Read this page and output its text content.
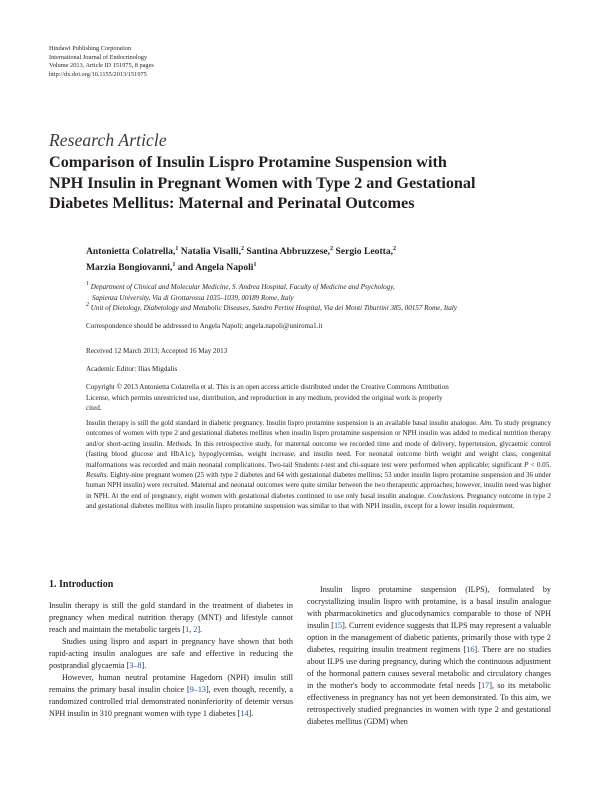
Hindawi Publishing Corporation
International Journal of Endocrinology
Volume 2013, Article ID 151975, 8 pages
http://dx.doi.org/10.1155/2013/151975
Research Article
Comparison of Insulin Lispro Protamine Suspension with
NPH Insulin in Pregnant Women with Type 2 and Gestational
Diabetes Mellitus: Maternal and Perinatal Outcomes
Antonietta Colatrella,$^1$ Natalia Visalli,$^2$ Santina Abbruzzese,$^2$ Sergio Leotta,$^2$
Marzia Bongiovanni,$^1$ and Angela Napoli$^1$
$^1$ Department of Clinical and Molecular Medicine, S. Andrea Hospital, Faculty of Medicine and Psychology,
Sapienza University, Via di Grottarossa 1035–1039, 00189 Rome, Italy
$^2$ Unit of Dietology, Diabetology and Metabolic Diseases, Sandro Pertini Hospital, Via dei Monti Tiburtini 385, 00157 Rome, Italy
Correspondence should be addressed to Angela Napoli; angela.napoli@uniroma1.it
Received 12 March 2013; Accepted 16 May 2013
Academic Editor: Ilias Migdalis
Copyright © 2013 Antonietta Colatrella et al. This is an open access article distributed under the Creative Commons Attribution
License, which permits unrestricted use, distribution, and reproduction in any medium, provided the original work is properly
cited.
Insulin therapy is still the gold standard in diabetic pregnancy. Insulin lispro protamine suspension is an available basal insulin analogue. Aim. To study pregnancy outcomes of women with type 2 and gestational diabetes mellitus when insulin lispro protamine suspension or NPH insulin was added to medical nutrition therapy and/or short-acting insulin. Methods. In this retrospective study, for maternal outcome we recorded time and mode of delivery, hypertension, glycaemic control (fasting blood glucose and HbA1c), hypoglycemias, weight increase, and insulin need. For neonatal outcome birth weight and weight class, congenital malformations was recorded and main neonatal complications. Two-tail Students t-test and chi-square test were performed when applicable; significant P < 0.05. Results. Eighty-nine pregnant women (25 with type 2 diabetes and 64 with gestational diabetes mellitus; 53 under insulin lispro protamine suspension and 36 under human NPH insulin) were recruited. Maternal and neonatal outcomes were quite similar between the two therapeutic approaches; however, insulin need was higher in NPH. At the end of pregnancy, eight women with gestational diabetes continued to use only basal insulin analogue. Conclusions. Pregnancy outcome in type 2 and gestational diabetes mellitus with insulin lispro protamine suspension was similar to that with NPH insulin, except for a lower insulin requirement.
1. Introduction

Insulin therapy is still the gold standard in the treatment of diabetes in pregnancy when medical nutrition therapy (MNT) and lifestyle cannot reach and maintain the metabolic targets [1, 2].

Studies using lispro and aspart in pregnancy have shown that both rapid-acting insulin analogues are safe and effective in reducing the postprandial glycaemia [3–8].

However, human neutral protamine Hagedorn (NPH) insulin still remains the primary basal insulin choice [9–13], even though, recently, a randomized controlled trial demonstrated noninferiority of detemir versus NPH insulin in 310 pregnant women with type 1 diabetes [14].

Insulin lispro protamine suspension (ILPS), formulated by cocrystallizing insulin lispro with protamine, is a basal insulin analogue with pharmacokinetics and glucodynamics comparable to those of NPH insulin [15]. Current evidence suggests that ILPS may represent a valuable option in the management of diabetic patients, primarily those with type 2 diabetes, requiring insulin treatment regimens [16]. There are no studies about ILPS use during pregnancy, during which the continuous adjustment of the hormonal pattern causes several metabolic and circulatory changes in the mother's body to accommodate fetal needs [17], so its metabolic effectiveness in pregnancy has not yet been demonstrated. To this aim, we retrospectively studied pregnancies in women with type 2 and gestational diabetes mellitus (GDM) when
